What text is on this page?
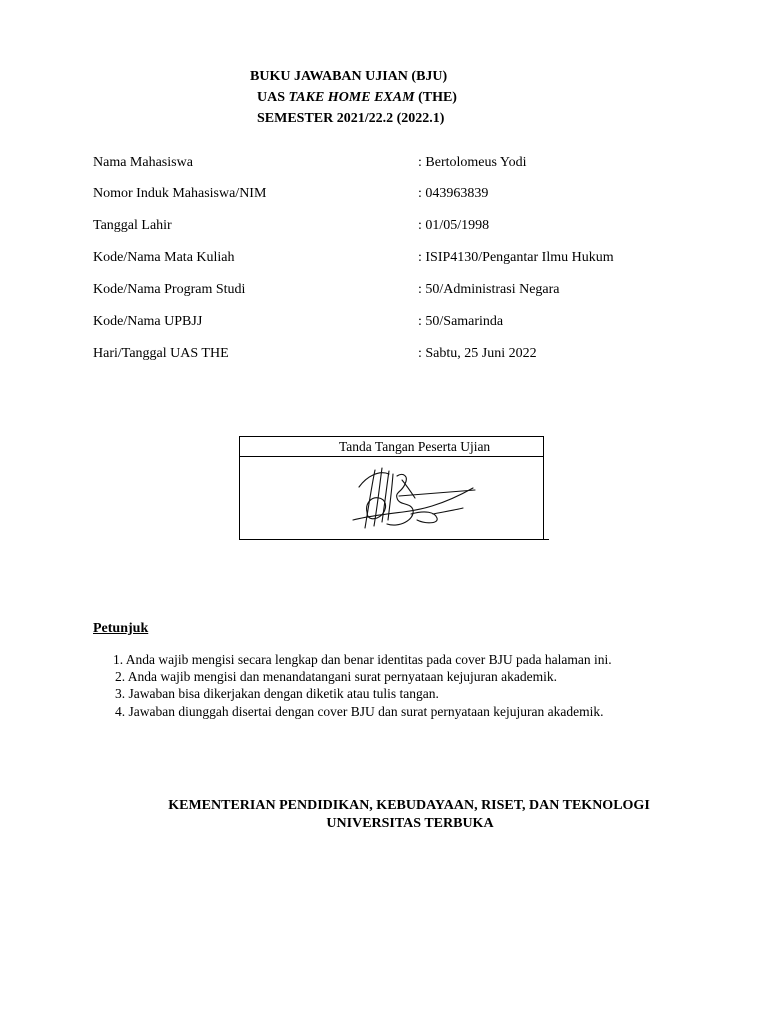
BUKU JAWABAN UJIAN (BJU)
UAS TAKE HOME EXAM (THE)
SEMESTER 2021/22.2 (2022.1)
Nama Mahasiswa	: Bertolomeus Yodi
Nomor Induk Mahasiswa/NIM	: 043963839
Tanggal Lahir	: 01/05/1998
Kode/Nama Mata Kuliah	: ISIP4130/Pengantar Ilmu Hukum
Kode/Nama Program Studi	: 50/Administrasi Negara
Kode/Nama UPBJJ	: 50/Samarinda
Hari/Tanggal UAS THE	: Sabtu, 25 Juni 2022
Tanda Tangan Peserta Ujian
Petunjuk
1. Anda wajib mengisi secara lengkap dan benar identitas pada cover BJU pada halaman ini.
2. Anda wajib mengisi dan menandatangani surat pernyataan kejujuran akademik.
3. Jawaban bisa dikerjakan dengan diketik atau tulis tangan.
4. Jawaban diunggah disertai dengan cover BJU dan surat pernyataan kejujuran akademik.
KEMENTERIAN PENDIDIKAN, KEBUDAYAAN, RISET, DAN TEKNOLOGI
UNIVERSITAS TERBUKA
